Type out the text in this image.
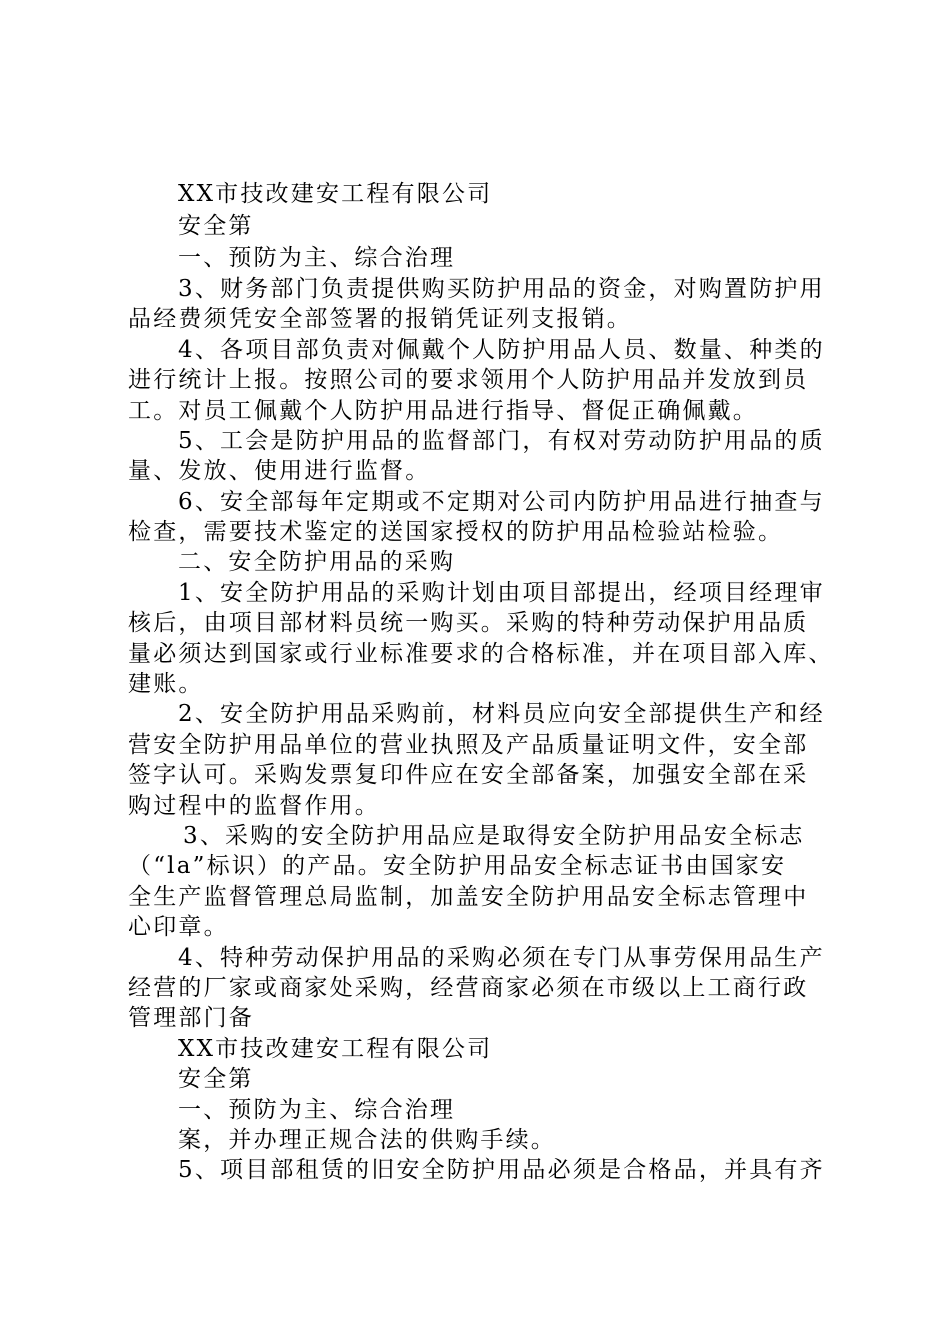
XX市技改建安工程有限公司
安全第
一、预防为主、综合治理
3、财务部门负责提供购买防护用品的资金，对购置防护用
品经费须凭安全部签署的报销凭证列支报销。
4、各项目部负责对佩戴个人防护用品人员、数量、种类的
进行统计上报。按照公司的要求领用个人防护用品并发放到员
工。对员工佩戴个人防护用品进行指导、督促正确佩戴。
5、工会是防护用品的监督部门，有权对劳动防护用品的质
量、发放、使用进行监督。
6、安全部每年定期或不定期对公司内防护用品进行抽查与
检查，需要技术鉴定的送国家授权的防护用品检验站检验。
二、安全防护用品的采购
1、安全防护用品的采购计划由项目部提出，经项目经理审
核后，由项目部材料员统一购买。采购的特种劳动保护用品质
量必须达到国家或行业标准要求的合格标准，并在项目部入库、
建账。
2、安全防护用品采购前，材料员应向安全部提供生产和经
营安全防护用品单位的营业执照及产品质量证明文件，安全部
签字认可。采购发票复印件应在安全部备案，加强安全部在采
购过程中的监督作用。
3、采购的安全防护用品应是取得安全防护用品安全标志
（“la”标识）的产品。安全防护用品安全标志证书由国家安
全生产监督管理总局监制，加盖安全防护用品安全标志管理中
心印章。
4、特种劳动保护用品的采购必须在专门从事劳保用品生产
经营的厂家或商家处采购，经营商家必须在市级以上工商行政
管理部门备
XX市技改建安工程有限公司
安全第
一、预防为主、综合治理
案，并办理正规合法的供购手续。
5、项目部租赁的旧安全防护用品必须是合格品，并具有齐
